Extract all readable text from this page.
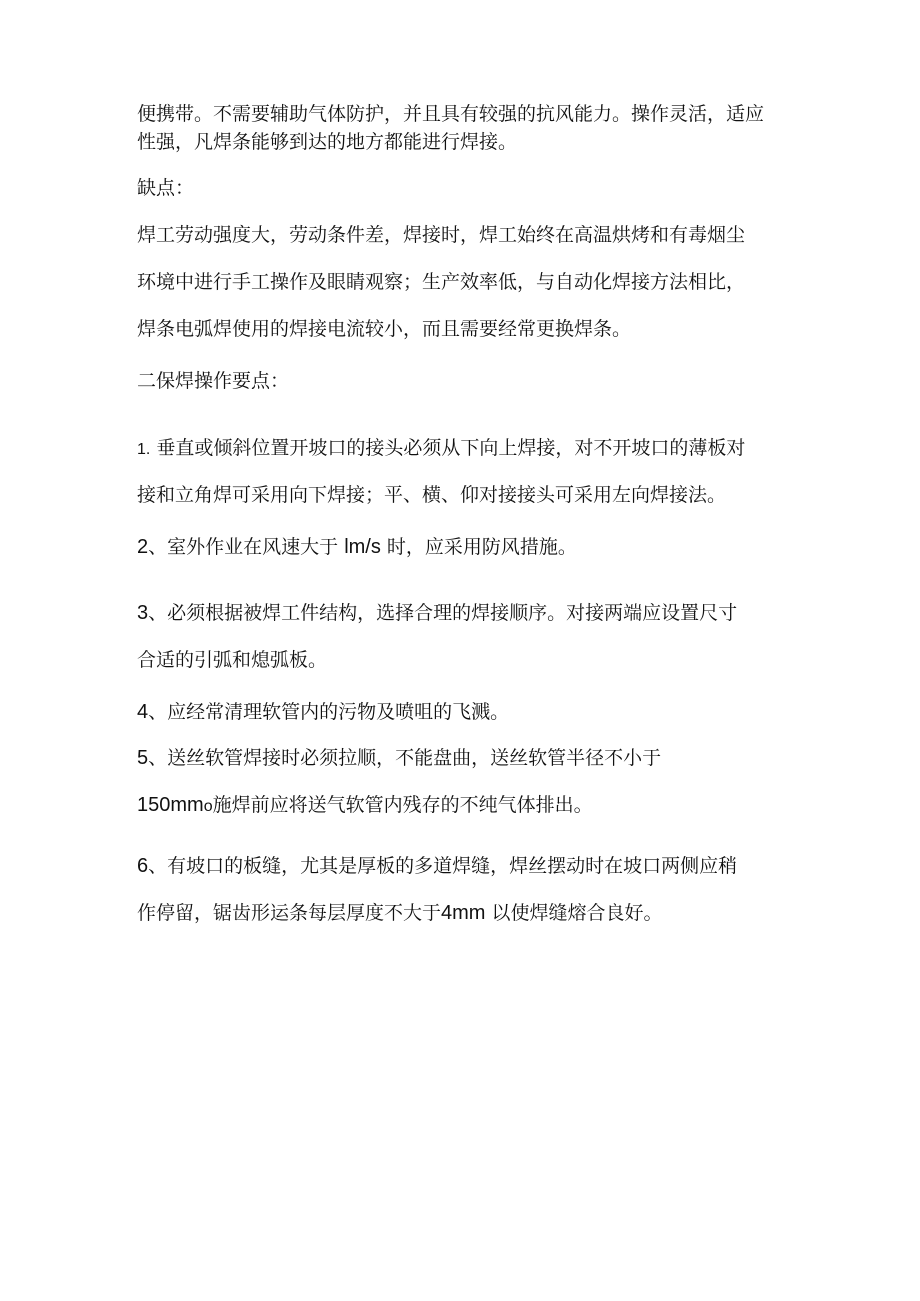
便携带。不需要辅助气体防护，并且具有较强的抗风能力。操作灵活，适应

性强，凡焊条能够到达的地方都能进行焊接。

缺点：

焊工劳动强度大，劳动条件差，焊接时，焊工始终在高温烘烤和有毒烟尘

环境中进行手工操作及眼睛观察；生产效率低，与自动化焊接方法相比，

焊条电弧焊使用的焊接电流较小，而且需要经常更换焊条。

二保焊操作要点：

1. 垂直或倾斜位置开坡口的接头必须从下向上焊接，对不开坡口的薄板对

接和立角焊可采用向下焊接；平、横、仰对接接头可采用左向焊接法。

2、室外作业在风速大于 lm/s 时，应采用防风措施。

3、必须根据被焊工件结构，选择合理的焊接顺序。对接两端应设置尺寸

合适的引弧和熄弧板。

4、应经常清理软管内的污物及喷咀的飞溅。

5、送丝软管焊接时必须拉顺，不能盘曲，送丝软管半径不小于

150mmo施焊前应将送气软管内残存的不纯气体排出。

6、有坡口的板缝，尤其是厚板的多道焊缝，焊丝摆动时在坡口两侧应稍

作停留，锯齿形运条每层厚度不大于4mm 以使焊缝熔合良好。
